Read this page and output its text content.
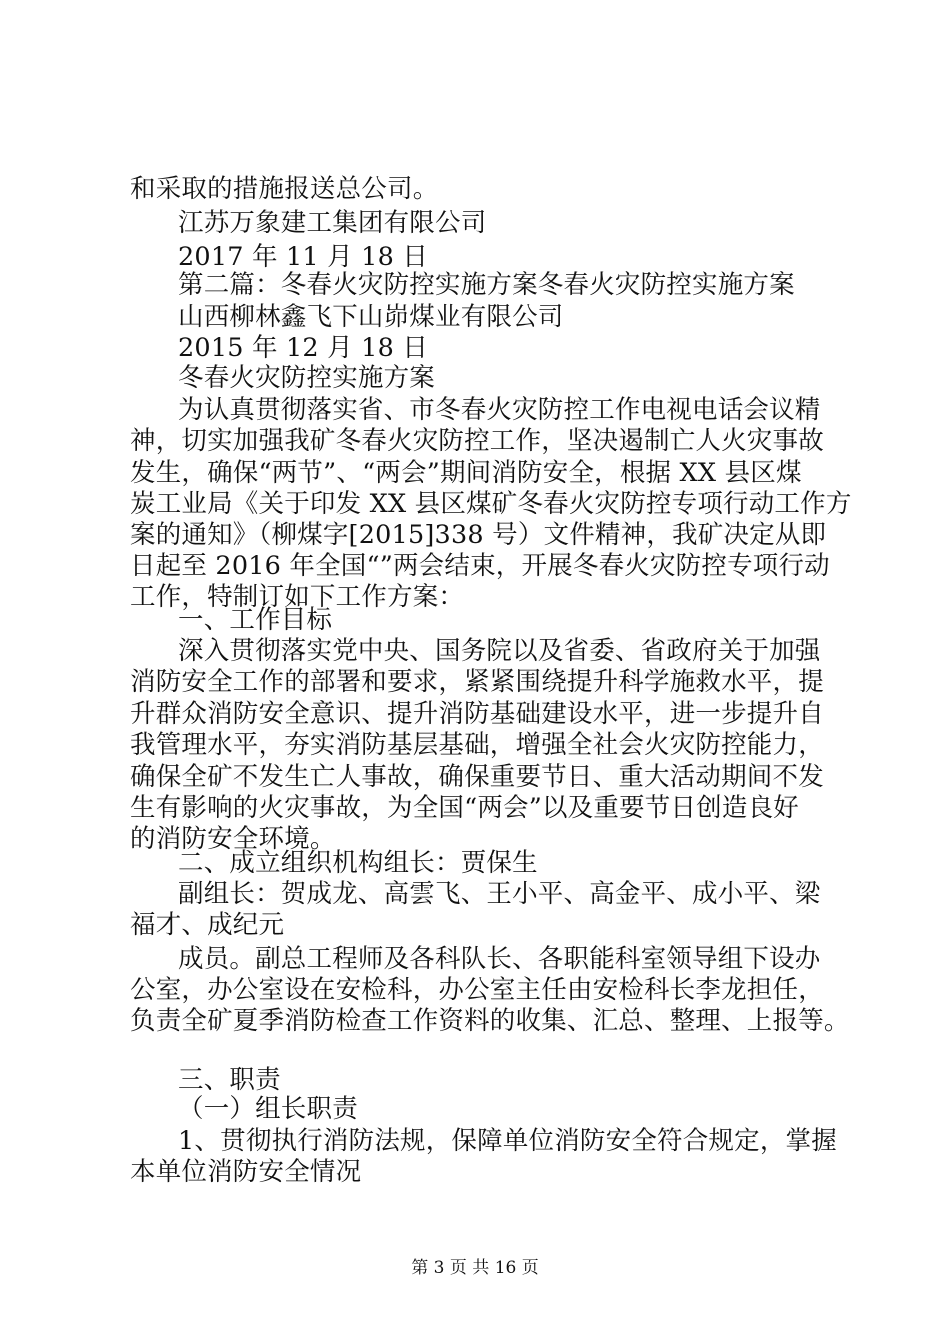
和采取的措施报送总公司。
江苏万象建工集团有限公司
2017 年 11 月 18 日
第二篇：冬春火灾防控实施方案冬春火灾防控实施方案
山西柳林鑫飞下山峁煤业有限公司
2015 年 12 月 18 日
冬春火灾防控实施方案
为认真贯彻落实省、市冬春火灾防控工作电视电话会议精
神，切实加强我矿冬春火灾防控工作，坚决遏制亡人火灾事故
发生，确保“两节”、“两会”期间消防安全，根据 XX 县区煤
炭工业局《关于印发 XX 县区煤矿冬春火灾防控专项行动工作方
案的通知》（柳煤字[2015]338 号）文件精神，我矿决定从即
日起至 2016 年全国“”两会结束，开展冬春火灾防控专项行动
工作，特制订如下工作方案：
一、工作目标
深入贯彻落实党中央、国务院以及省委、省政府关于加强
消防安全工作的部署和要求，紧紧围绕提升科学施救水平，提
升群众消防安全意识、提升消防基础建设水平，进一步提升自
我管理水平，夯实消防基层基础，增强全社会火灾防控能力，
确保全矿不发生亡人事故，确保重要节日、重大活动期间不发
生有影响的火灾事故，为全国“两会”以及重要节日创造良好
的消防安全环境。
二、成立组织机构组长：贾保生
副组长：贺成龙、高雲飞、王小平、高金平、成小平、梁
福才、成纪元
成员。副总工程师及各科队长、各职能科室领导组下设办
公室，办公室设在安检科，办公室主任由安检科长李龙担任，
负责全矿夏季消防检查工作资料的收集、汇总、整理、上报等。
三、职责
（一）组长职责
1、贯彻执行消防法规，保障单位消防安全符合规定，掌握
本单位消防安全情况
第 3 页 共 16 页
